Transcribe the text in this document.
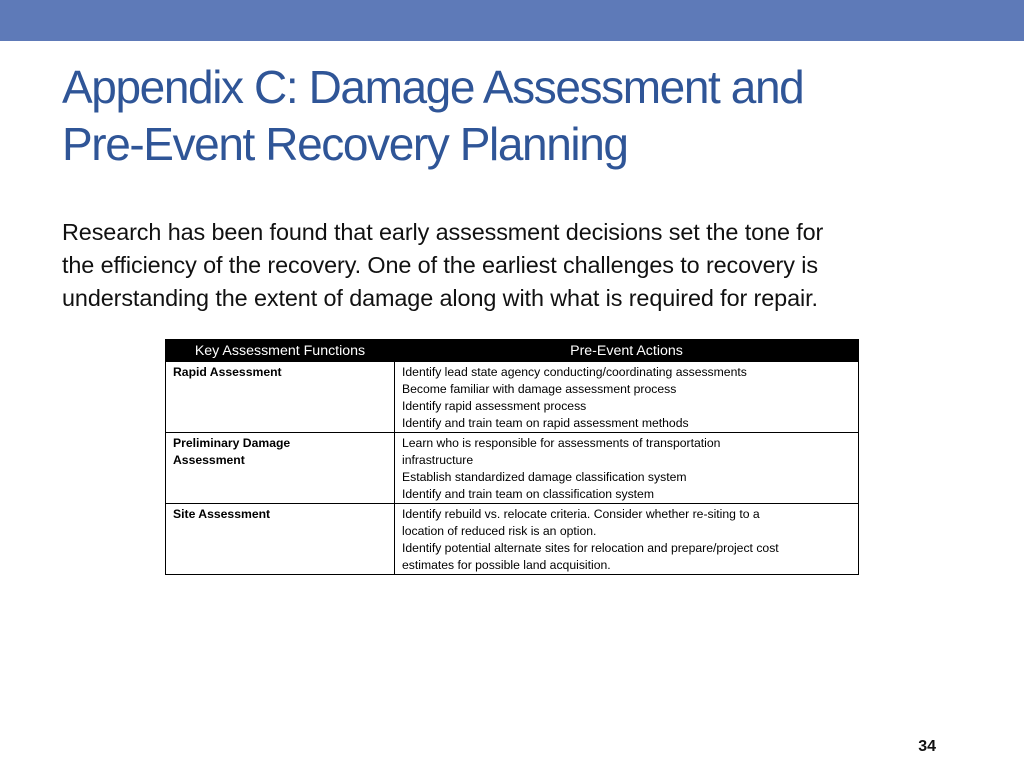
Appendix C: Damage Assessment and
Pre-Event Recovery Planning
Research has been found that early assessment decisions set the tone for
the efficiency of the recovery. One of the earliest challenges to recovery is
understanding the extent of damage along with what is required for repair.
Key Assessment Functions	Pre-Event Actions
Rapid Assessment	Identify lead state agency conducting/coordinating assessments
Become familiar with damage assessment process
Identify rapid assessment process
Identify and train team on rapid assessment methods

Preliminary Damage
Assessment	Learn who is responsible for assessments of transportation
infrastructure
Establish standardized damage classification system
Identify and train team on classification system

Site Assessment	Identify rebuild vs. relocate criteria. Consider whether re-siting to a
location of reduced risk is an option.
Identify potential alternate sites for relocation and prepare/project cost
estimates for possible land acquisition.
34
